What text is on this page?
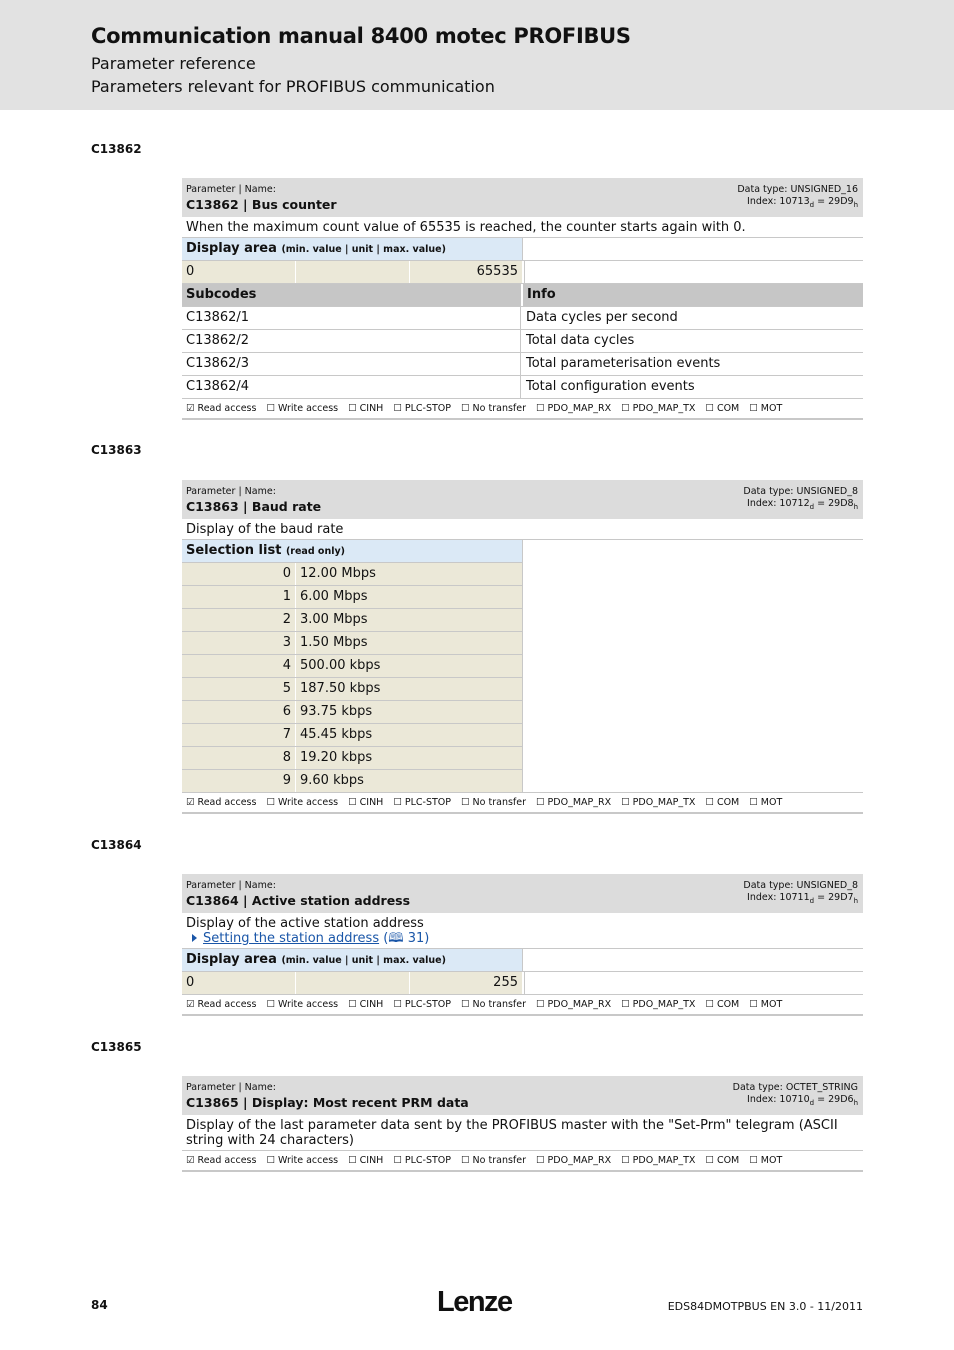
Communication manual 8400 motec PROFIBUS
Parameter reference
Parameters relevant for PROFIBUS communication
C13862
Parameter | Name:
C13862 | Bus counter
Data type: UNSIGNED_16
Index: $10713_d = 29D9_h$
When the maximum count value of 65535 is reached, the counter starts again with 0.
Display area (min. value | unit | max. value)
0	65535
Subcodes	Info
C13862/1	Data cycles per second
C13862/2	Total data cycles
C13862/3	Total parameterisation events
C13862/4	Total configuration events
☑ Read access ☐ Write access ☐ CINH ☐ PLC-STOP ☐ No transfer ☐ PDO_MAP_RX ☐ PDO_MAP_TX ☐ COM ☐ MOT
C13863
Parameter | Name:
C13863 | Baud rate
Data type: UNSIGNED_8
Index: $10712_d = 29D8_h$
Display of the baud rate
Selection list (read only)
0 12.00 Mbps
1 6.00 Mbps
2 3.00 Mbps
3 1.50 Mbps
4 500.00 kbps
5 187.50 kbps
6 93.75 kbps
7 45.45 kbps
8 19.20 kbps
9 9.60 kbps
☑ Read access ☐ Write access ☐ CINH ☐ PLC-STOP ☐ No transfer ☐ PDO_MAP_RX ☐ PDO_MAP_TX ☐ COM ☐ MOT
C13864
Parameter | Name:
C13864 | Active station address
Data type: UNSIGNED_8
Index: $10711_d = 29D7_h$
Display of the active station address
Setting the station address (🕮 31)
Display area (min. value | unit | max. value)
0	255
☑ Read access ☐ Write access ☐ CINH ☐ PLC-STOP ☐ No transfer ☐ PDO_MAP_RX ☐ PDO_MAP_TX ☐ COM ☐ MOT
C13865
Parameter | Name:
C13865 | Display: Most recent PRM data
Data type: OCTET_STRING
Index: $10710_d = 29D6_h$
Display of the last parameter data sent by the PROFIBUS master with the "Set-Prm" telegram (ASCII string with 24 characters)
☑ Read access ☐ Write access ☐ CINH ☐ PLC-STOP ☐ No transfer ☐ PDO_MAP_RX ☐ PDO_MAP_TX ☐ COM ☐ MOT
84	Lenze	EDS84DMOTPBUS EN 3.0 - 11/2011
